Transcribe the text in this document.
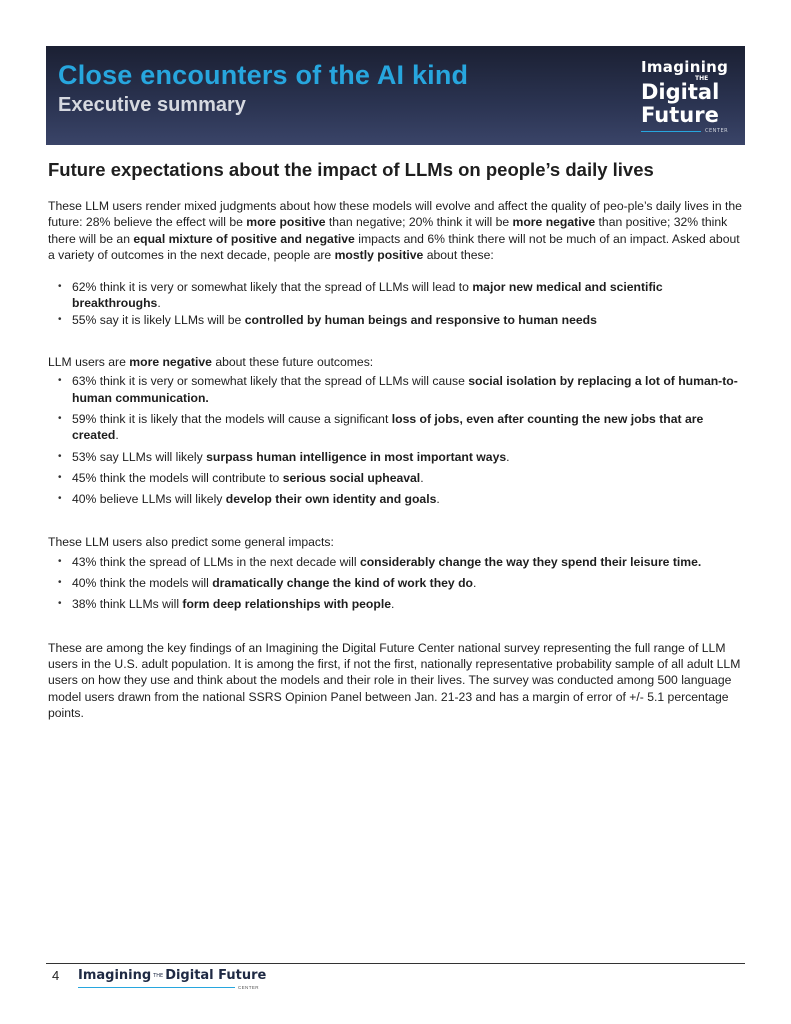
Close encounters of the AI kind
Executive summary
Imagining
THE
Digital
Future
CENTER
Future expectations about the impact of LLMs on people’s daily lives

These LLM users render mixed judgments about how these models will evolve and affect the quality of peo-ple’s daily lives in the future: 28% believe the effect will be more positive than negative; 20% think it will be more negative than positive; 32% think there will be an equal mixture of positive and negative impacts and 6% think there will not be much of an impact. Asked about a variety of outcomes in the next decade, people are mostly positive about these:

• 62% think it is very or somewhat likely that the spread of LLMs will lead to major new medical and scientific breakthroughs.
• 55% say it is likely LLMs will be controlled by human beings and responsive to human needs

LLM users are more negative about these future outcomes:

• 63% think it is very or somewhat likely that the spread of LLMs will cause social isolation by replacing a lot of human-to-human communication.
• 59% think it is likely that the models will cause a significant loss of jobs, even after counting the new jobs that are created.
• 53% say LLMs will likely surpass human intelligence in most important ways.
• 45% think the models will contribute to serious social upheaval.
• 40% believe LLMs will likely develop their own identity and goals.

These LLM users also predict some general impacts:

• 43% think the spread of LLMs in the next decade will considerably change the way they spend their leisure time.
• 40% think the models will dramatically change the kind of work they do.
• 38% think LLMs will form deep relationships with people.

These are among the key findings of an Imagining the Digital Future Center national survey representing the full range of LLM users in the U.S. adult population. It is among the first, if not the first, nationally representative probability sample of all adult LLM users on how they use and think about the models and their role in their lives. The survey was conducted among 500 language model users drawn from the national SSRS Opinion Panel between Jan. 21-23 and has a margin of error of +/- 5.1 percentage points.

4 Imagining THE Digital Future
CENTER
